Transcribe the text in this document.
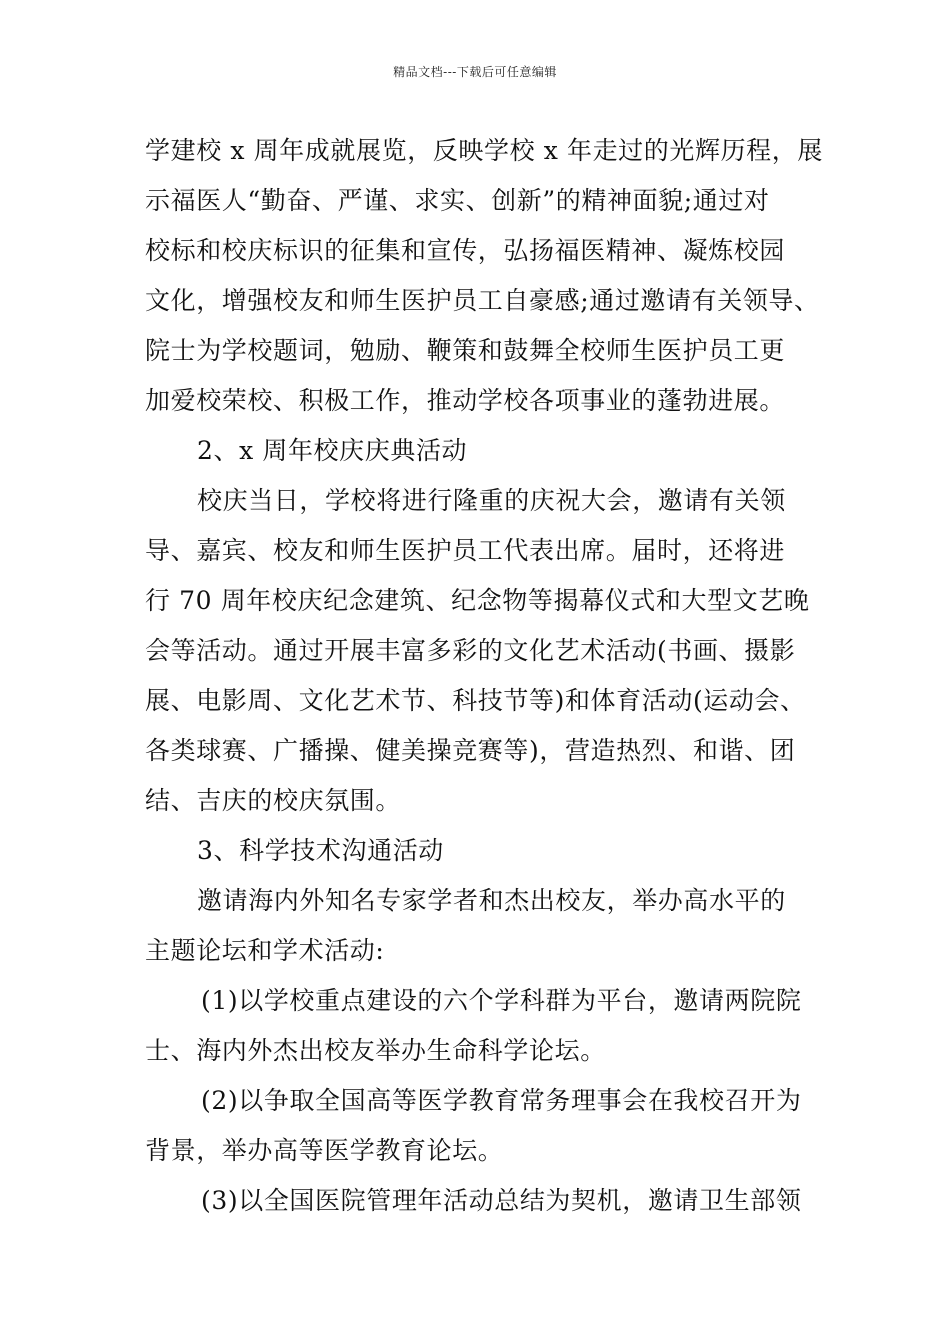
精品文档---下载后可任意编辑
学建校 x 周年成就展览，反映学校 x 年走过的光辉历程，展
示福医人“勤奋、严谨、求实、创新”的精神面貌;通过对
校标和校庆标识的征集和宣传，弘扬福医精神、凝炼校园
文化，增强校友和师生医护员工自豪感;通过邀请有关领导、
院士为学校题词，勉励、鞭策和鼓舞全校师生医护员工更
加爱校荣校、积极工作，推动学校各项事业的蓬勃进展。
2、x 周年校庆庆典活动
校庆当日，学校将进行隆重的庆祝大会，邀请有关领
导、嘉宾、校友和师生医护员工代表出席。届时，还将进
行 70 周年校庆纪念建筑、纪念物等揭幕仪式和大型文艺晚
会等活动。通过开展丰富多彩的文化艺术活动(书画、摄影
展、电影周、文化艺术节、科技节等)和体育活动(运动会、
各类球赛、广播操、健美操竞赛等)，营造热烈、和谐、团
结、吉庆的校庆氛围。
3、科学技术沟通活动
邀请海内外知名专家学者和杰出校友，举办高水平的
主题论坛和学术活动:
(1)以学校重点建设的六个学科群为平台，邀请两院院
士、海内外杰出校友举办生命科学论坛。
(2)以争取全国高等医学教育常务理事会在我校召开为
背景，举办高等医学教育论坛。
(3)以全国医院管理年活动总结为契机，邀请卫生部领
